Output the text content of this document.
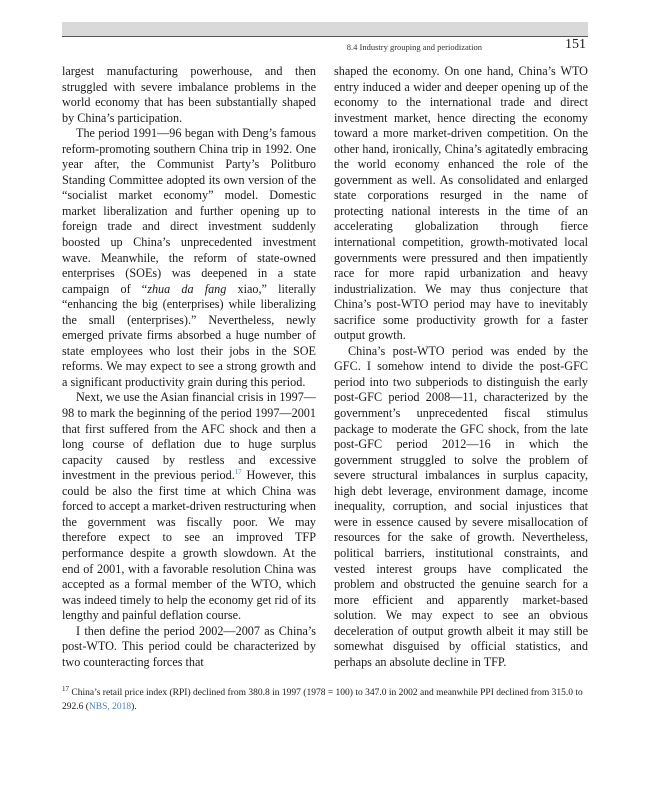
8.4 Industry grouping and periodization	151

largest manufacturing powerhouse, and then struggled with severe imbalance problems in the world economy that has been substantially shaped by China’s participation.

The period 1991—96 began with Deng’s famous reform-promoting southern China trip in 1992. One year after, the Communist Party’s Politburo Standing Committee adopted its own version of the “socialist market economy” model. Domestic market liberalization and further opening up to foreign trade and direct investment suddenly boosted up China’s unprecedented investment wave. Meanwhile, the reform of state-owned enterprises (SOEs) was deepened in a state campaign of “zhua da fang xiao,” literally “enhancing the big (enterprises) while liberalizing the small (enterprises).” Nevertheless, newly emerged private firms absorbed a huge number of state employees who lost their jobs in the SOE reforms. We may expect to see a strong growth and a significant productivity grain during this period.

Next, we use the Asian financial crisis in 1997—98 to mark the beginning of the period 1997—2001 that first suffered from the AFC shock and then a long course of deflation due to huge surplus capacity caused by restless and excessive investment in the previous period.$^{17}$ However, this could be also the first time at which China was forced to accept a market-driven restructuring when the government was fiscally poor. We may therefore expect to see an improved TFP performance despite a growth slowdown. At the end of 2001, with a favorable resolution China was accepted as a formal member of the WTO, which was indeed timely to help the economy get rid of its lengthy and painful deflation course.

I then define the period 2002—2007 as China’s post-WTO. This period could be characterized by two counteracting forces that

shaped the economy. On one hand, China’s WTO entry induced a wider and deeper opening up of the economy to the international trade and direct investment market, hence directing the economy toward a more market-driven competition. On the other hand, ironically, China’s agitatedly embracing the world economy enhanced the role of the government as well. As consolidated and enlarged state corporations resurged in the name of protecting national interests in the time of an accelerating globalization through fierce international competition, growth-motivated local governments were pressured and then impatiently race for more rapid urbanization and heavy industrialization. We may thus conjecture that China’s post-WTO period may have to inevitably sacrifice some productivity growth for a faster output growth.

China’s post-WTO period was ended by the GFC. I somehow intend to divide the post-GFC period into two subperiods to distinguish the early post-GFC period 2008—11, characterized by the government’s unprecedented fiscal stimulus package to moderate the GFC shock, from the late post-GFC period 2012—16 in which the government struggled to solve the problem of severe structural imbalances in surplus capacity, high debt leverage, environment damage, income inequality, corruption, and social injustices that were in essence caused by severe misallocation of resources for the sake of growth. Nevertheless, political barriers, institutional constraints, and vested interest groups have complicated the problem and obstructed the genuine search for a more efficient and apparently market-based solution. We may expect to see an obvious deceleration of output growth albeit it may still be somewhat disguised by official statistics, and perhaps an absolute decline in TFP.

$^{17}$ China’s retail price index (RPI) declined from 380.8 in 1997 (1978 = 100) to 347.0 in 2002 and meanwhile PPI declined from 315.0 to 292.6 (NBS, 2018).
